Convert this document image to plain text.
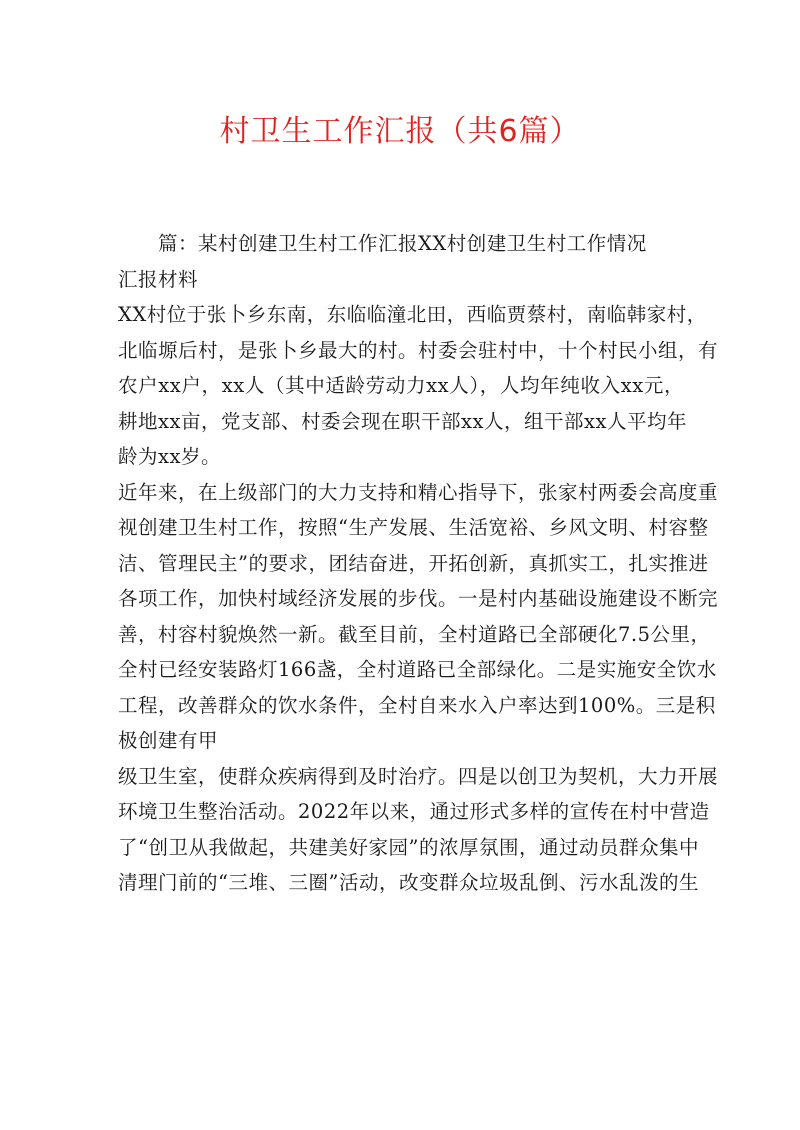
村卫生工作汇报（共6篇）
篇：某村创建卫生村工作汇报XX村创建卫生村工作情况
汇报材料
XX村位于张卜乡东南，东临临潼北田，西临贾蔡村，南临韩家村，
北临塬后村，是张卜乡最大的村。村委会驻村中，十个村民小组，有
农户xx户，xx人（其中适龄劳动力xx人），人均年纯收入xx元，
耕地xx亩，党支部、村委会现在职干部xx人，组干部xx人平均年
龄为xx岁。
近年来，在上级部门的大力支持和精心指导下，张家村两委会高度重
视创建卫生村工作，按照“生产发展、生活宽裕、乡风文明、村容整
洁、管理民主”的要求，团结奋进，开拓创新，真抓实工，扎实推进
各项工作，加快村域经济发展的步伐。一是村内基础设施建设不断完
善，村容村貌焕然一新。截至目前，全村道路已全部硬化7.5公里，
全村已经安装路灯166盏，全村道路已全部绿化。二是实施安全饮水
工程，改善群众的饮水条件，全村自来水入户率达到100%。三是积
极创建有甲
级卫生室，使群众疾病得到及时治疗。四是以创卫为契机，大力开展
环境卫生整治活动。2022年以来，通过形式多样的宣传在村中营造
了“创卫从我做起，共建美好家园”的浓厚氛围，通过动员群众集中
清理门前的“三堆、三圈”活动，改变群众垃圾乱倒、污水乱泼的生
